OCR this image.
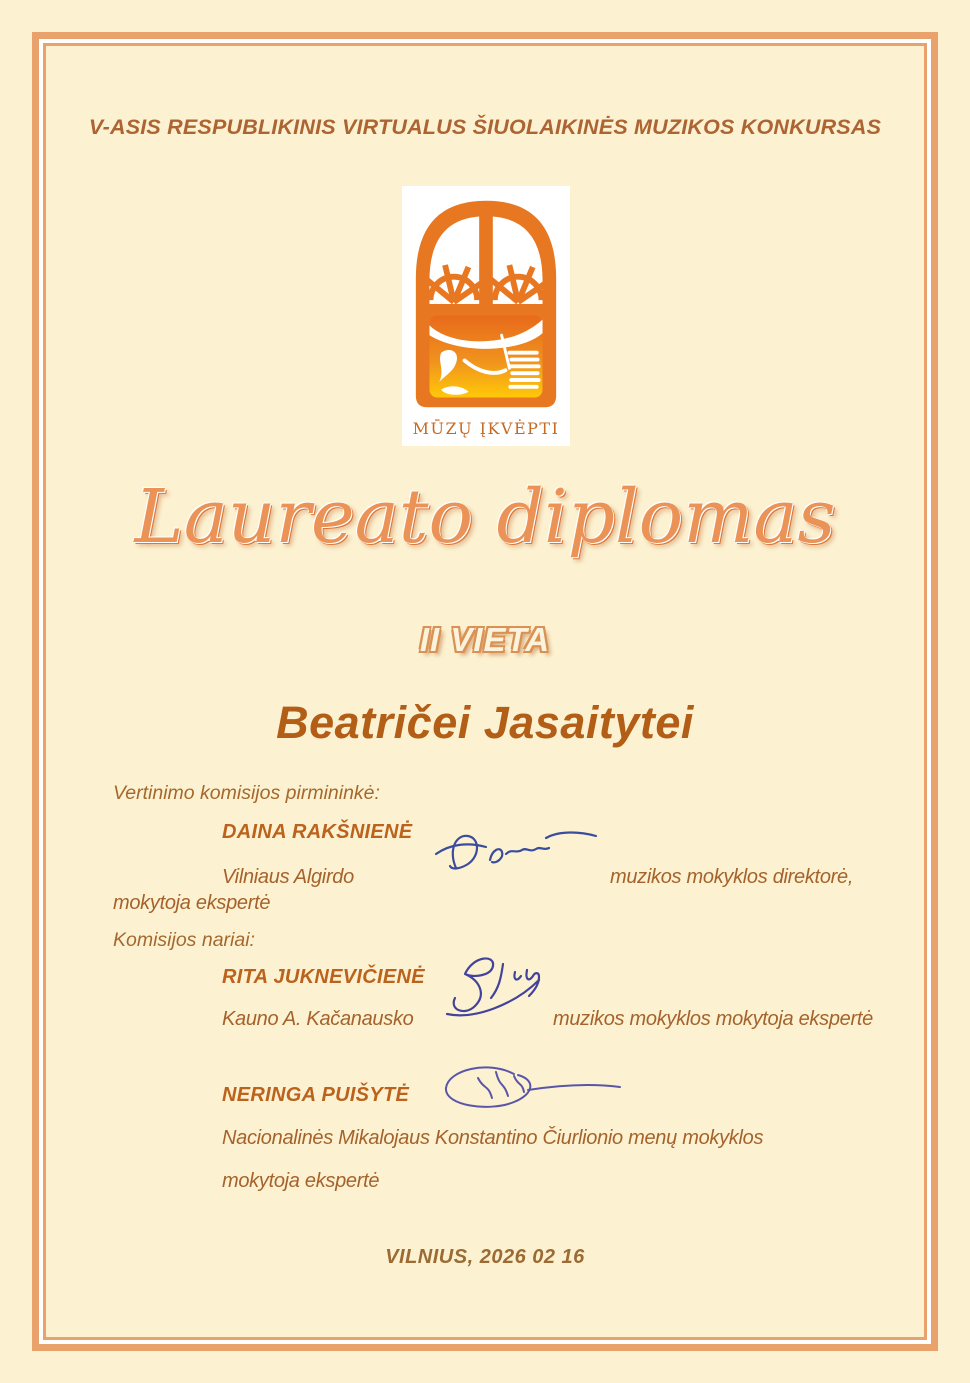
V-ASIS RESPUBLIKINIS VIRTUALUS ŠIUOLAIKINĖS MUZIKOS KONKURSAS
MŪZŲ ĮKVĖPTI
Laureato diplomas
II VIETA
Beatričei Jasaitytei
Vertinimo komisijos pirmininkė:
DAINA RAKŠNIENĖ
Vilniaus Algirdo	muzikos mokyklos direktorė,
mokytoja ekspertė
Komisijos nariai:
RITA JUKNEVIČIENĖ
Kauno A. Kačanausko	muzikos mokyklos mokytoja ekspertė
NERINGA PUIŠYTĖ
Nacionalinės Mikalojaus Konstantino Čiurlionio menų mokyklos
mokytoja ekspertė
VILNIUS, 2026 02 16
